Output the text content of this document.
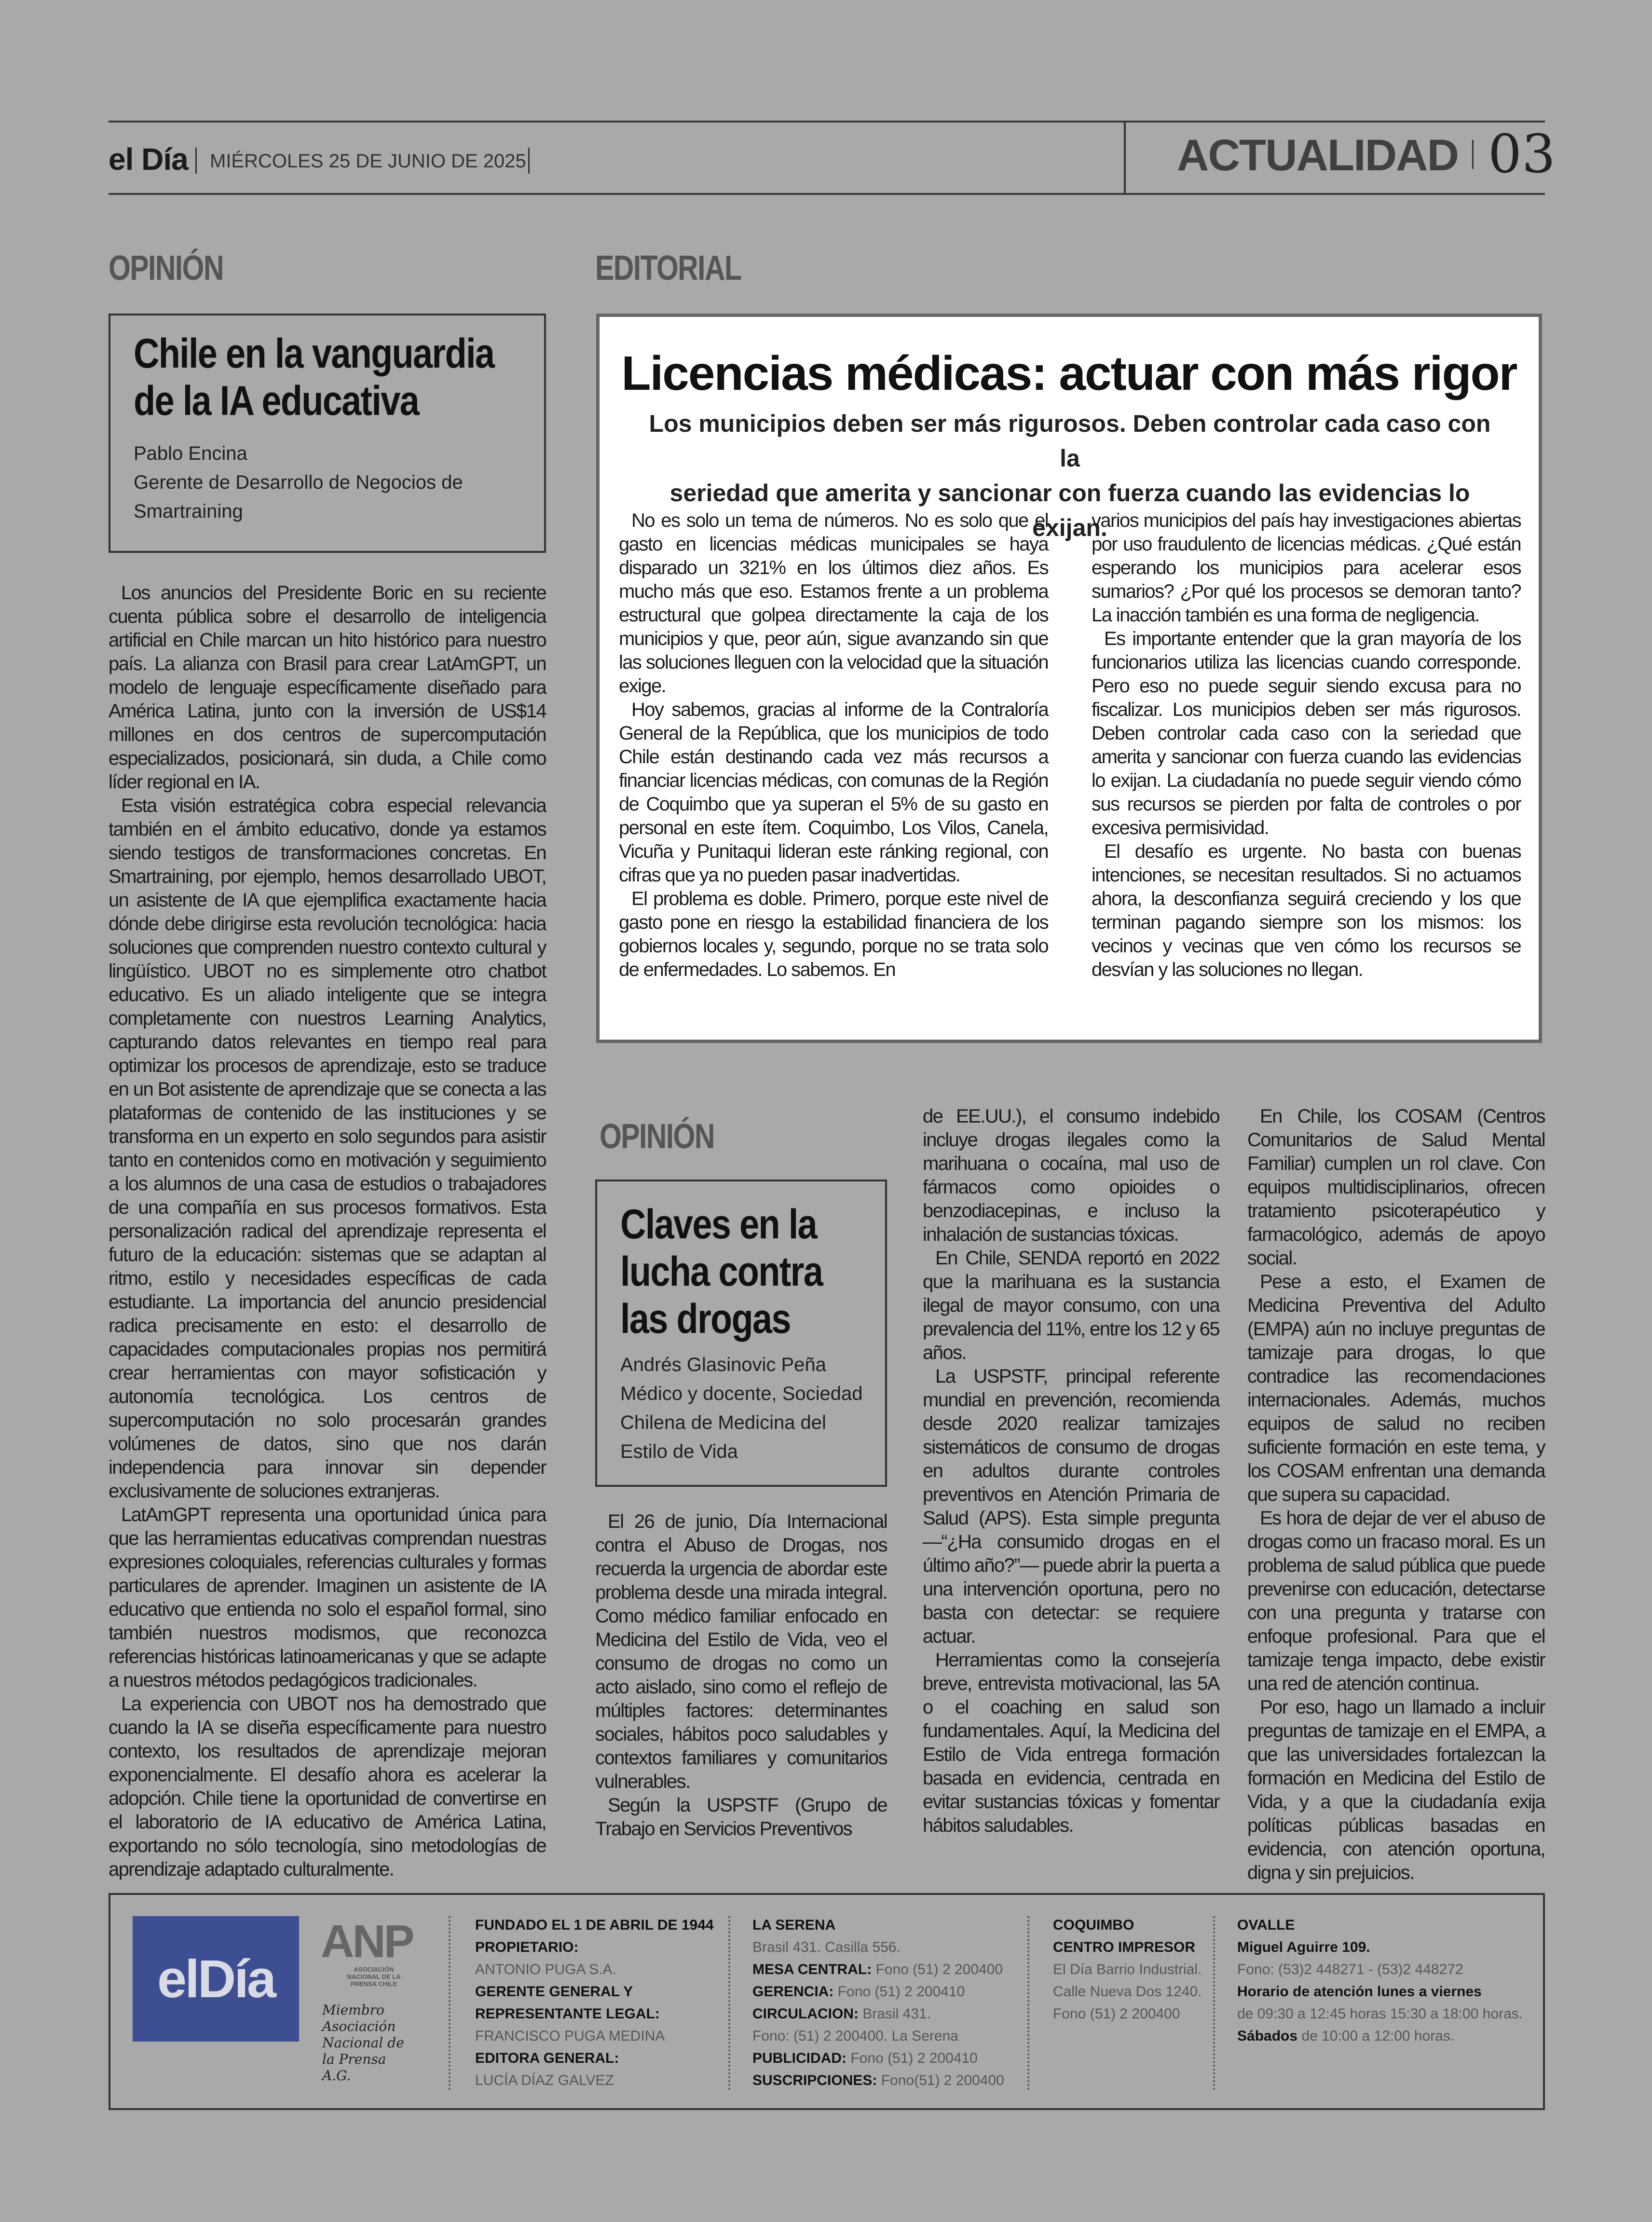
el Día MIÉRCOLES 25 DE JUNIO DE 2025	ACTUALIDAD 03
OPINIÓN
Chile en la vanguardia
de la IA educativa
Pablo Encina
Gerente de Desarrollo de Negocios de
Smartraining

Los anuncios del Presidente Boric en su reciente cuenta pública sobre el desarrollo de inteligencia artificial en Chile marcan un hito histórico para nuestro país. La alianza con Brasil para crear LatAmGPT, un modelo de lenguaje específicamente diseñado para América Latina, junto con la inversión de US$14 millones en dos centros de supercomputación especializados, posicionará, sin duda, a Chile como líder regional en IA.

Esta visión estratégica cobra especial relevancia también en el ámbito educativo, donde ya estamos siendo testigos de transformaciones concretas. En Smartraining, por ejemplo, hemos desarrollado UBOT, un asistente de IA que ejemplifica exactamente hacia dónde debe dirigirse esta revolución tecnológica: hacia soluciones que comprenden nuestro contexto cultural y lingüístico. UBOT no es simplemente otro chatbot educativo. Es un aliado inteligente que se integra completamente con nuestros Learning Analytics, capturando datos relevantes en tiempo real para optimizar los procesos de aprendizaje, esto se traduce en un Bot asistente de aprendizaje que se conecta a las plataformas de contenido de las instituciones y se transforma en un experto en solo segundos para asistir tanto en contenidos como en motivación y seguimiento a los alumnos de una casa de estudios o trabajadores de una compañía en sus procesos formativos. Esta personalización radical del aprendizaje representa el futuro de la educación: sistemas que se adaptan al ritmo, estilo y necesidades específicas de cada estudiante. La importancia del anuncio presidencial radica precisamente en esto: el desarrollo de capacidades computacionales propias nos permitirá crear herramientas con mayor sofisticación y autonomía tecnológica. Los centros de supercomputación no solo procesarán grandes volúmenes de datos, sino que nos darán independencia para innovar sin depender exclusivamente de soluciones extranjeras.

LatAmGPT representa una oportunidad única para que las herramientas educativas comprendan nuestras expresiones coloquiales, referencias culturales y formas particulares de aprender. Imaginen un asistente de IA educativo que entienda no solo el español formal, sino también nuestros modismos, que reconozca referencias históricas latinoamericanas y que se adapte a nuestros métodos pedagógicos tradicionales.

La experiencia con UBOT nos ha demostrado que cuando la IA se diseña específicamente para nuestro contexto, los resultados de aprendizaje mejoran exponencialmente. El desafío ahora es acelerar la adopción. Chile tiene la oportunidad de convertirse en el laboratorio de IA educativo de América Latina, exportando no sólo tecnología, sino metodologías de aprendizaje adaptado culturalmente.

EDITORIAL
Licencias médicas: actuar con más rigor
Los municipios deben ser más rigurosos. Deben controlar cada caso con la
seriedad que amerita y sancionar con fuerza cuando las evidencias lo exijan.

No es solo un tema de números. No es solo que el gasto en licencias médicas municipales se haya disparado un 321% en los últimos diez años. Es mucho más que eso. Estamos frente a un problema estructural que golpea directamente la caja de los municipios y que, peor aún, sigue avanzando sin que las soluciones lleguen con la velocidad que la situación exige.

Hoy sabemos, gracias al informe de la Contraloría General de la República, que los municipios de todo Chile están destinando cada vez más recursos a financiar licencias médicas, con comunas de la Región de Coquimbo que ya superan el 5% de su gasto en personal en este ítem. Coquimbo, Los Vilos, Canela, Vicuña y Punitaqui lideran este ránking regional, con cifras que ya no pueden pasar inadvertidas.

El problema es doble. Primero, porque este nivel de gasto pone en riesgo la estabilidad financiera de los gobiernos locales y, segundo, porque no se trata solo de enfermedades. Lo sabemos. En

varios municipios del país hay investigaciones abiertas por uso fraudulento de licencias médicas. ¿Qué están esperando los municipios para acelerar esos sumarios? ¿Por qué los procesos se demoran tanto? La inacción también es una forma de negligencia.

Es importante entender que la gran mayoría de los funcionarios utiliza las licencias cuando corresponde. Pero eso no puede seguir siendo excusa para no fiscalizar. Los municipios deben ser más rigurosos. Deben controlar cada caso con la seriedad que amerita y sancionar con fuerza cuando las evidencias lo exijan. La ciudadanía no puede seguir viendo cómo sus recursos se pierden por falta de controles o por excesiva permisividad.

El desafío es urgente. No basta con buenas intenciones, se necesitan resultados. Si no actuamos ahora, la desconfianza seguirá creciendo y los que terminan pagando siempre son los mismos: los vecinos y vecinas que ven cómo los recursos se desvían y las soluciones no llegan.

OPINIÓN
Claves en la
lucha contra
las drogas
Andrés Glasinovic Peña
Médico y docente, Sociedad
Chilena de Medicina del
Estilo de Vida

El 26 de junio, Día Internacional contra el Abuso de Drogas, nos recuerda la urgencia de abordar este problema desde una mirada integral. Como médico familiar enfocado en Medicina del Estilo de Vida, veo el consumo de drogas no como un acto aislado, sino como el reflejo de múltiples factores: determinantes sociales, hábitos poco saludables y contextos familiares y comunitarios vulnerables.

Según la USPSTF (Grupo de Trabajo en Servicios Preventivos

de EE.UU.), el consumo indebido incluye drogas ilegales como la marihuana o cocaína, mal uso de fármacos como opioides o benzodiacepinas, e incluso la inhalación de sustancias tóxicas.

En Chile, SENDA reportó en 2022 que la marihuana es la sustancia ilegal de mayor consumo, con una prevalencia del 11%, entre los 12 y 65 años.

La USPSTF, principal referente mundial en prevención, recomienda desde 2020 realizar tamizajes sistemáticos de consumo de drogas en adultos durante controles preventivos en Atención Primaria de Salud (APS). Esta simple pregunta —“¿Ha consumido drogas en el último año?”— puede abrir la puerta a una intervención oportuna, pero no basta con detectar: se requiere actuar.

Herramientas como la consejería breve, entrevista motivacional, las 5A o el coaching en salud son fundamentales. Aquí, la Medicina del Estilo de Vida entrega formación basada en evidencia, centrada en evitar sustancias tóxicas y fomentar hábitos saludables.

En Chile, los COSAM (Centros Comunitarios de Salud Mental Familiar) cumplen un rol clave. Con equipos multidisciplinarios, ofrecen tratamiento psicoterapéutico y farmacológico, además de apoyo social.

Pese a esto, el Examen de Medicina Preventiva del Adulto (EMPA) aún no incluye preguntas de tamizaje para drogas, lo que contradice las recomendaciones internacionales. Además, muchos equipos de salud no reciben suficiente formación en este tema, y los COSAM enfrentan una demanda que supera su capacidad.

Es hora de dejar de ver el abuso de drogas como un fracaso moral. Es un problema de salud pública que puede prevenirse con educación, detectarse con una pregunta y tratarse con enfoque profesional. Para que el tamizaje tenga impacto, debe existir una red de atención continua.

Por eso, hago un llamado a incluir preguntas de tamizaje en el EMPA, a que las universidades fortalezcan la formación en Medicina del Estilo de Vida, y a que la ciudadanía exija políticas públicas basadas en evidencia, con atención oportuna, digna y sin prejuicios.

elDía
ANP
ASOCIACIÓN NACIONAL DE LA PRENSA CHILE
Miembro
Asociación
Nacional de
la Prensa
A.G.
FUNDADO EL 1 DE ABRIL DE 1944
PROPIETARIO:
ANTONIO PUGA S.A.
GERENTE GENERAL Y
REPRESENTANTE LEGAL:
FRANCISCO PUGA MEDINA
EDITORA GENERAL:
LUCÍA DÍAZ GALVEZ
LA SERENA
Brasil 431. Casilla 556.
MESA CENTRAL: Fono (51) 2 200400
GERENCIA: Fono (51) 2 200410
CIRCULACION: Brasil 431.
Fono: (51) 2 200400. La Serena
PUBLICIDAD: Fono (51) 2 200410
SUSCRIPCIONES: Fono(51) 2 200400
COQUIMBO
CENTRO IMPRESOR
El Día Barrio Industrial.
Calle Nueva Dos 1240.
Fono (51) 2 200400
OVALLE
Miguel Aguirre 109.
Fono: (53)2 448271 - (53)2 448272
Horario de atención lunes a viernes
de 09:30 a 12:45 horas 15:30 a 18:00 horas.
Sábados de 10:00 a 12:00 horas.
